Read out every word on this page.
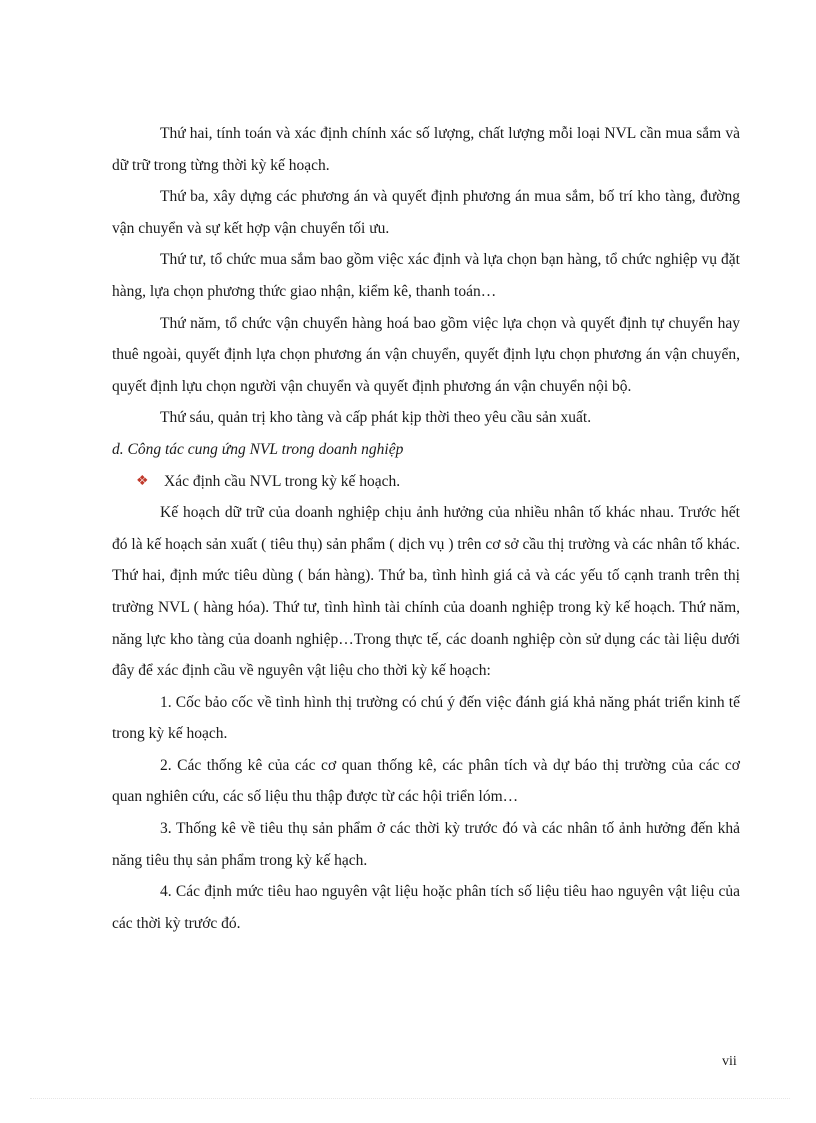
Thứ hai, tính toán và xác định chính xác số lượng, chất lượng mỗi loại NVL cần mua sắm và dữ trữ trong từng thời kỳ kế hoạch.

Thứ ba, xây dựng các phương án và quyết định phương án mua sắm, bố trí kho tàng, đường vận chuyển và sự kết hợp vận chuyển tối ưu.

Thứ tư, tổ chức mua sắm bao gồm việc xác định và lựa chọn bạn hàng, tổ chức nghiệp vụ đặt hàng, lựa chọn phương thức giao nhận, kiểm kê, thanh toán…

Thứ năm, tổ chức vận chuyển hàng hoá bao gồm việc lựa chọn và quyết định tự chuyển hay thuê ngoài, quyết định lựa chọn phương án vận chuyển, quyết định lựu chọn phương án vận chuyển, quyết định lựu chọn người vận chuyển và quyết định phương án vận chuyển nội bộ.

Thứ sáu, quản trị kho tàng và cấp phát kịp thời theo yêu cầu sản xuất.

d. Công tác cung ứng NVL trong doanh nghiệp

❖ Xác định cầu NVL trong kỳ kế hoạch.

Kế hoạch dữ trữ của doanh nghiệp chịu ảnh hưởng của nhiều nhân tố khác nhau. Trước hết đó là kế hoạch sản xuất ( tiêu thụ) sản phẩm ( dịch vụ ) trên cơ sở cầu thị trường và các nhân tố khác. Thứ hai, định mức tiêu dùng ( bán hàng). Thứ ba, tình hình giá cả và các yếu tố cạnh tranh trên thị trường NVL ( hàng hóa). Thứ tư, tình hình tài chính của doanh nghiệp trong kỳ kế hoạch. Thứ năm, năng lực kho tàng của doanh nghiệp…Trong thực tế, các doanh nghiệp còn sử dụng các tài liệu dưới đây để xác định cầu về nguyên vật liệu cho thời kỳ kế hoạch:

1. Cốc bảo cốc về tình hình thị trường có chú ý đến việc đánh giá khả năng phát triển kinh tế trong kỳ kế hoạch.

2. Các thống kê của các cơ quan thống kê, các phân tích và dự báo thị trường của các cơ quan nghiên cứu, các số liệu thu thập được từ các hội triển lóm…

3. Thống kê về tiêu thụ sản phẩm ở các thời kỳ trước đó và các nhân tố ảnh hưởng đến khả năng tiêu thụ sản phẩm trong kỳ kế hạch.

4. Các định mức tiêu hao nguyên vật liệu hoặc phân tích số liệu tiêu hao nguyên vật liệu của các thời kỳ trước đó.

vii
